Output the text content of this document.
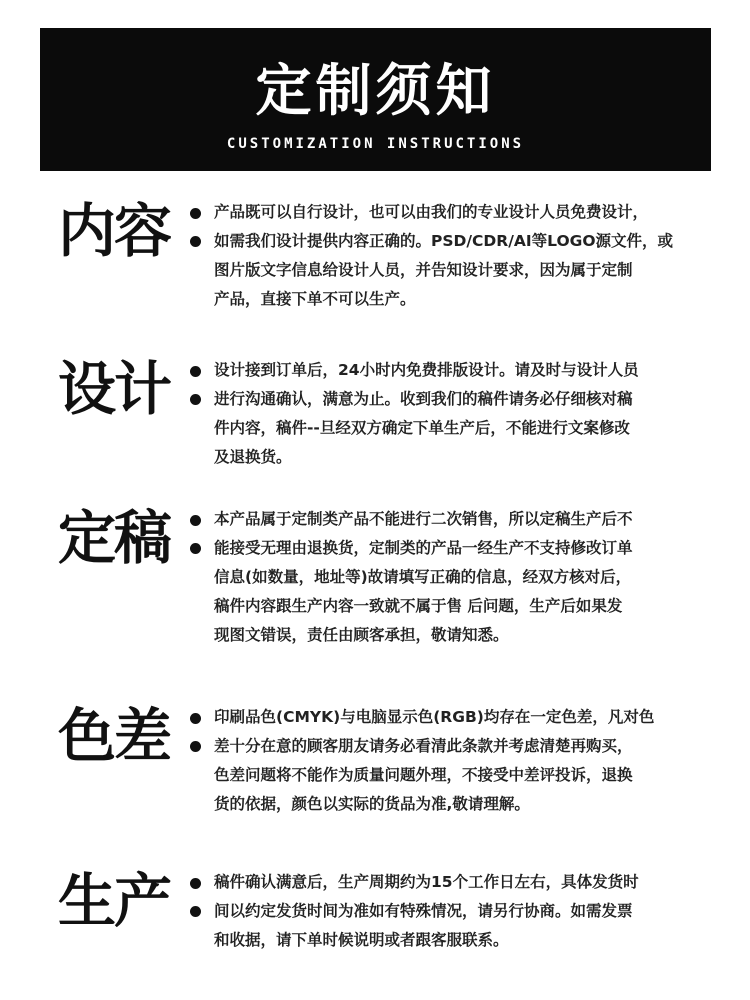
定制须知
CUSTOMIZATION INSTRUCTIONS
内容	产品既可以自行设计，也可以由我们的专业设计人员免费设计，
如需我们设计提供内容正确的。PSD/CDR/AI等LOGO源文件，或
图片版文字信息给设计人员，并告知设计要求，因为属于定制
产品，直接下单不可以生产。
设计	设计接到订单后，24小时内免费排版设计。请及时与设计人员
进行沟通确认，满意为止。收到我们的稿件请务必仔细核对稿
件内容，稿件--旦经双方确定下单生产后，不能进行文案修改
及退换货。
定稿	本产品属于定制类产品不能进行二次销售，所以定稿生产后不
能接受无理由退换货，定制类的产品一经生产不支持修改订单
信息(如数量，地址等)故请填写正确的信息，经双方核对后，
稿件内容跟生产内容一致就不属于售 后问题，生产后如果发
现图文错误，责任由顾客承担，敬请知悉。
色差	印刷品色(CMYK)与电脑显示色(RGB)均存在一定色差，凡对色
差十分在意的顾客朋友请务必看清此条款并考虑清楚再购买，
色差问题将不能作为质量问题外理，不接受中差评投诉，退换
货的依据，颜色以实际的货品为准,敬请理解。
生产	稿件确认满意后，生产周期约为15个工作日左右，具体发货时
间以约定发货时间为准如有特殊情况，请另行协商。如需发票
和收据，请下单时候说明或者跟客服联系。
